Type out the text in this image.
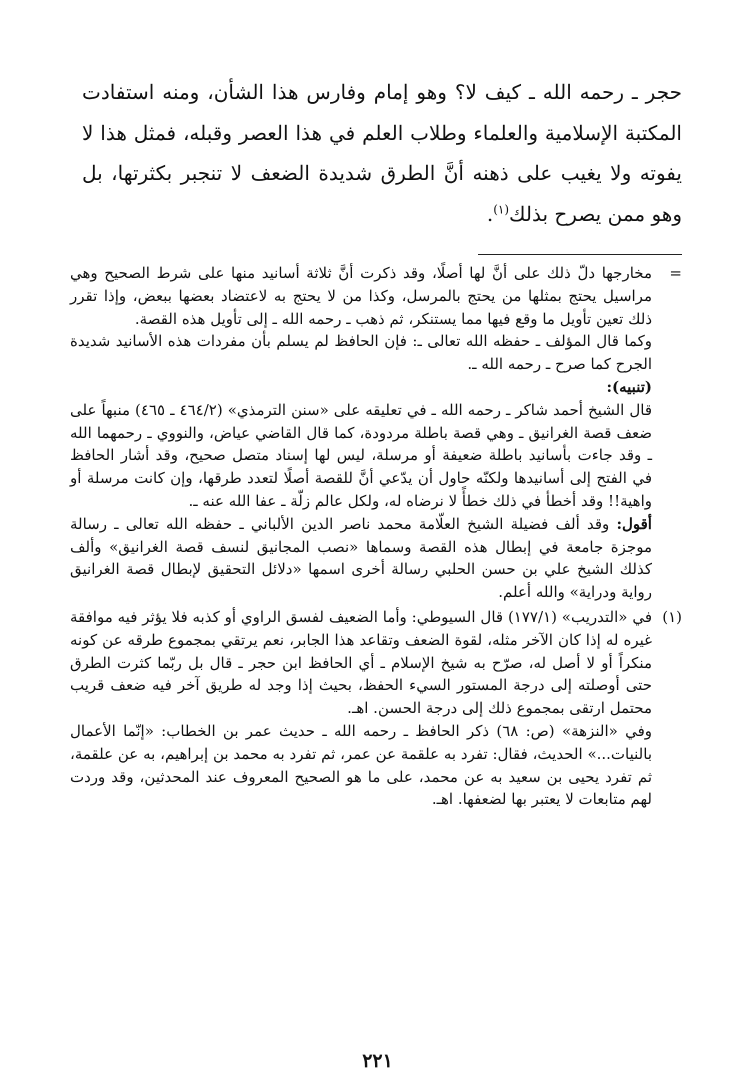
حجر ـ رحمه الله ـ كيف لا؟ وهو إمام وفارس هذا الشأن، ومنه استفادت المكتبة الإسلامية والعلماء وطلاب العلم في هذا العصر وقبله، فمثل هذا لا يفوته ولا يغيب على ذهنه أنَّ الطرق شديدة الضعف لا تنجبر بكثرتها، بل وهو ممن يصرح بذلك$^{(١)}$.
=

مخارجها دلّ ذلك على أنَّ لها أصلًا، وقد ذكرت أنَّ ثلاثة أسانيد منها على شرط الصحيح وهي مراسيل يحتج بمثلها من يحتج بالمرسل، وكذا من لا يحتج به لاعتضاد بعضها ببعض، وإذا تقرر ذلك تعين تأويل ما وقع فيها مما يستنكر، ثم ذهب ـ رحمه الله ـ إلى تأويل هذه القصة.

وكما قال المؤلف ـ حفظه الله تعالى ـ: فإن الحافظ لم يسلم بأن مفردات هذه الأسانيد شديدة الجرح كما صرح ـ رحمه الله ـ.

(تنبيه):

قال الشيخ أحمد شاكر ـ رحمه الله ـ في تعليقه على «سنن الترمذي» (٤٦٤/٢ ـ ٤٦٥) منبهاً على ضعف قصة الغرانيق ـ وهي قصة باطلة مردودة، كما قال القاضي عياض، والنووي ـ رحمهما الله ـ وقد جاءت بأسانيد باطلة ضعيفة أو مرسلة، ليس لها إسناد متصل صحيح، وقد أشار الحافظ في الفتح إلى أسانيدها ولكنّه حاول أن يدّعي أنَّ للقصة أصلًا لتعدد طرقها، وإن كانت مرسلة أو واهية!! وقد أخطأ في ذلك خطأً لا نرضاه له، ولكل عالم زلّة ـ عفا الله عنه ـ.

أقول: وقد ألف فضيلة الشيخ العلّامة محمد ناصر الدين الألباني ـ حفظه الله تعالى ـ رسالة موجزة جامعة في إبطال هذه القصة وسماها «نصب المجانيق لنسف قصة الغرانيق» وألف كذلك الشيخ علي بن حسن الحلبي رسالة أخرى اسمها «دلائل التحقيق لإبطال قصة الغرانيق رواية ودراية» والله أعلم.

(١)

في «التدريب» (١٧٧/١) قال السيوطي: وأما الضعيف لفسق الراوي أو كذبه فلا يؤثر فيه موافقة غيره له إذا كان الآخر مثله، لقوة الضعف وتقاعد هذا الجابر، نعم يرتقي بمجموع طرقه عن كونه منكراً أو لا أصل له، صرّح به شيخ الإسلام ـ أي الحافظ ابن حجر ـ قال بل ربّما كثرت الطرق حتى أوصلته إلى درجة المستور السيء الحفظ، بحيث إذا وجد له طريق آخر فيه ضعف قريب محتمل ارتقى بمجموع ذلك إلى درجة الحسن. اهـ.

وفي «النزهة» (ص: ٦٨) ذكر الحافظ ـ رحمه الله ـ حديث عمر بن الخطاب: «إنّما الأعمال بالنيات...» الحديث، فقال: تفرد به علقمة عن عمر، ثم تفرد به محمد بن إبراهيم، به عن علقمة، ثم تفرد يحيى بن سعيد به عن محمد، على ما هو الصحيح المعروف عند المحدثين، وقد وردت لهم متابعات لا يعتبر بها لضعفها. اهـ.

٢٢١
